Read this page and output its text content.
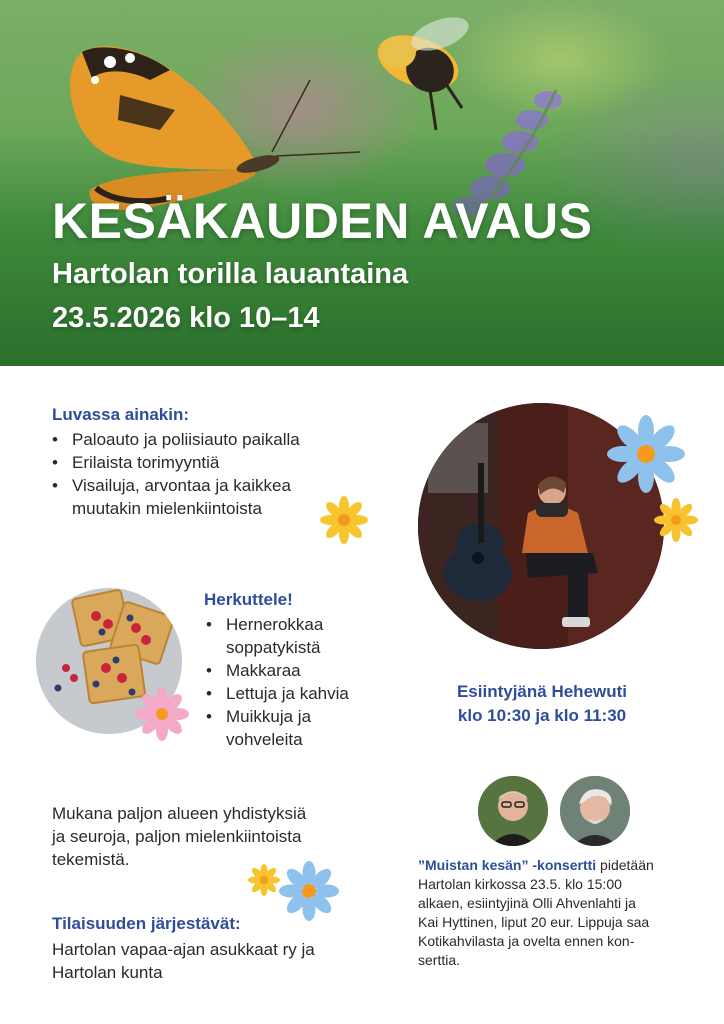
KESÄKAUDEN AVAUS

Hartolan torilla lauantaina

23.5.2026 klo 10–14

Luvassa ainakin:
• Paloauto ja poliisiauto paikalla
• Erilaista torimyyntiä
• Visailuja, arvontaa ja kaikkea
muutakin mielenkiintoista
Esiintyjänä Hehewuti
klo 10:30 ja klo 11:30
Herkuttele!
• Hernerokkaa
soppatykistä
• Makkaraa
• Lettuja ja kahvia
• Muikkuja ja
vohveleita
Mukana paljon alueen yhdistyksiä
ja seuroja, paljon mielenkiintoista
tekemistä.
Tilaisuuden järjestävät:
Hartolan vapaa-ajan asukkaat ry ja
Hartolan kunta
”Muistan kesän” -konsertti pidetään
Hartolan kirkossa 23.5. klo 15:00
alkaen, esiintyjinä Olli Ahvenlahti ja
Kai Hyttinen, liput 20 eur. Lippuja saa
Kotikahvilasta ja ovelta ennen kon-
serttia.
